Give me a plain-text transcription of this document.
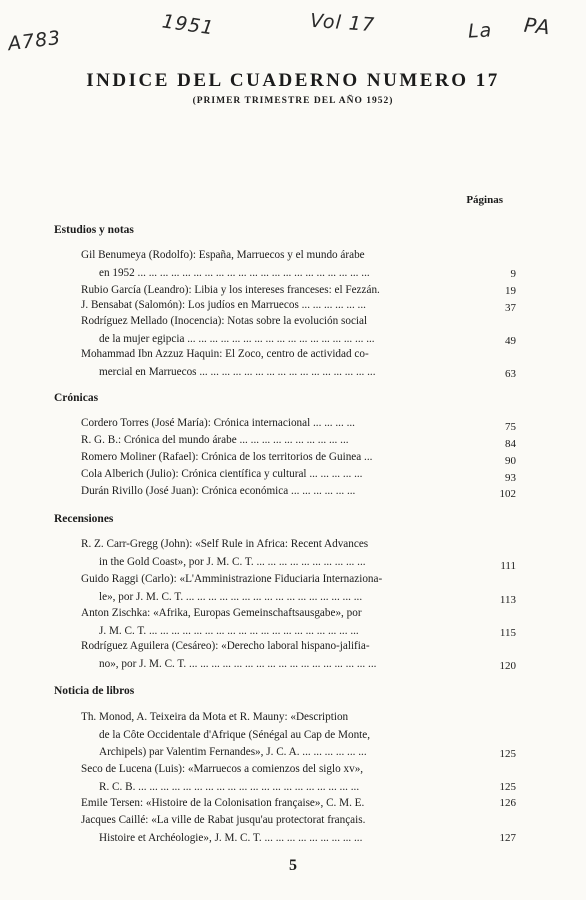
A783
1951	Vol 17	La PA
INDICE DEL CUADERNO NUMERO 17
(PRIMER TRIMESTRE DEL AÑO 1952)
Páginas
Estudios y notas
Gil Benumeya (Rodolfo): España, Marruecos y el mundo árabe
en 1952 ... ... ... ... ... ... ... ... ... ... ... ... ... ... ... ... ... ... ... ... ...	9
Rubio García (Leandro): Libia y los intereses franceses: el Fezzán.	19
J. Bensabat (Salomón): Los judíos en Marruecos ... ... ... ... ... ...	37
Rodríguez Mellado (Inocencia): Notas sobre la evolución social
de la mujer egipcia ... ... ... ... ... ... ... ... ... ... ... ... ... ... ... ... ...	49
Mohammad Ibn Azzuz Haquin: El Zoco, centro de actividad co-
mercial en Marruecos ... ... ... ... ... ... ... ... ... ... ... ... ... ... ... ...	63
Crónicas
Cordero Torres (José María): Crónica internacional ... ... ... ...	75
R. G. B.: Crónica del mundo árabe ... ... ... ... ... ... ... ... ... ...	84
Romero Moliner (Rafael): Crónica de los territorios de Guinea ...	90
Cola Alberich (Julio): Crónica científica y cultural ... ... ... ... ...	93
Durán Rivillo (José Juan): Crónica económica ... ... ... ... ... ...	102
Recensiones
R. Z. Carr-Gregg (John): «Self Rule in Africa: Recent Advances
in the Gold Coast», por J. M. C. T. ... ... ... ... ... ... ... ... ... ...	111
Guido Raggi (Carlo): «L'Amministrazione Fiduciaria Internaziona-
le», por J. M. C. T. ... ... ... ... ... ... ... ... ... ... ... ... ... ... ... ...	113
Anton Zischka: «Afrika, Europas Gemeinschaftsausgabe», por
J. M. C. T. ... ... ... ... ... ... ... ... ... ... ... ... ... ... ... ... ... ... ...	115
Rodríguez Aguilera (Cesáreo): «Derecho laboral hispano-jalifia-
no», por J. M. C. T. ... ... ... ... ... ... ... ... ... ... ... ... ... ... ... ... ...	120
Noticia de libros
Th. Monod, A. Teixeira da Mota et R. Mauny: «Description
de la Côte Occidentale d'Afrique (Sénégal au Cap de Monte,
Archipels) par Valentim Fernandes», J. C. A. ... ... ... ... ... ...	125
Seco de Lucena (Luis): «Marruecos a comienzos del siglo xv»,
R. C. B. ... ... ... ... ... ... ... ... ... ... ... ... ... ... ... ... ... ... ... ...	125
Emile Tersen: «Histoire de la Colonisation française», C. M. E.	126
Jacques Caillé: «La ville de Rabat jusqu'au protectorat français.
Histoire et Archéologie», J. M. C. T. ... ... ... ... ... ... ... ... ...	127
5
